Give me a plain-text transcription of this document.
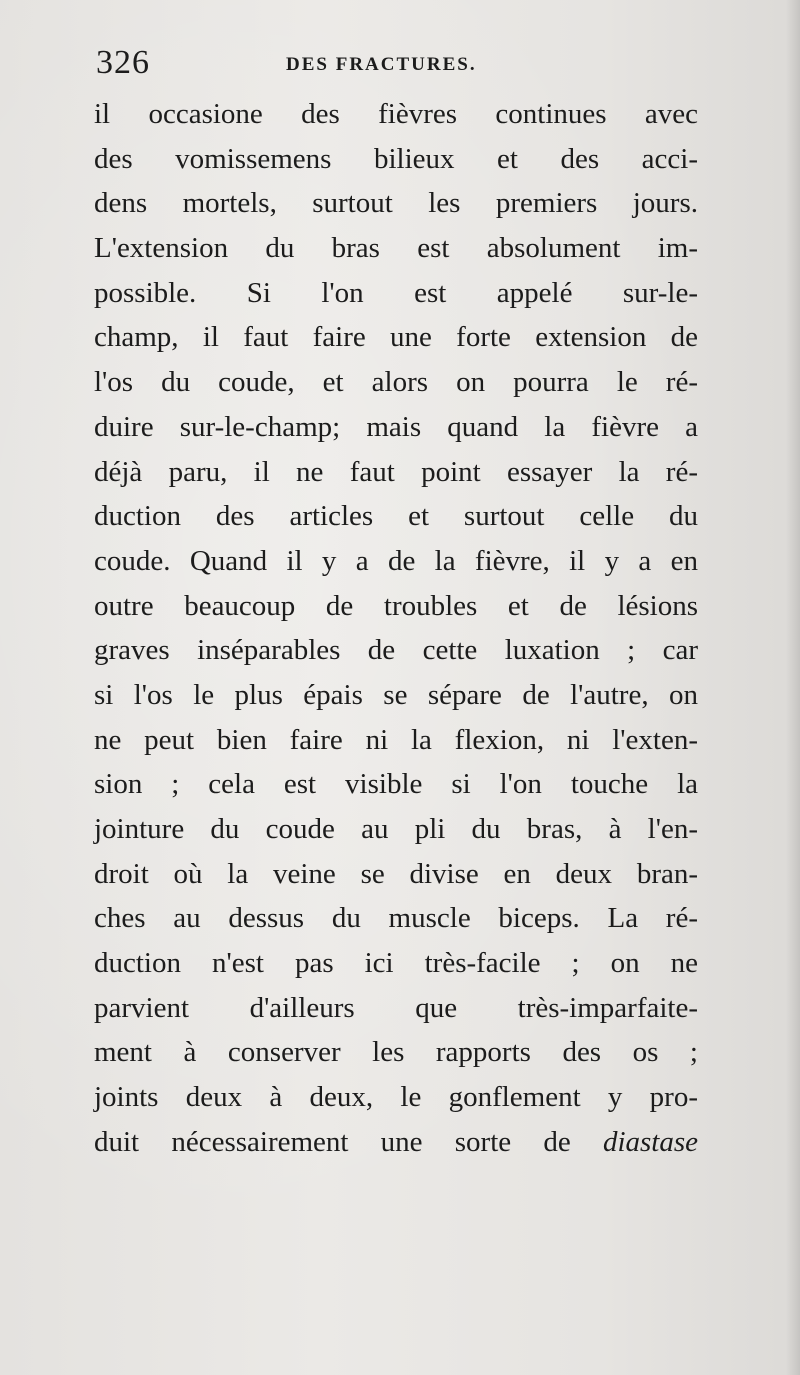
326	DES FRACTURES.
il occasione des fièvres continues avec
des vomissemens bilieux et des acci-
dens mortels, surtout les premiers jours.
L'extension du bras est absolument im-
possible. Si l'on est appelé sur-le-
champ, il faut faire une forte extension de
l'os du coude, et alors on pourra le ré-
duire sur-le-champ; mais quand la fièvre a
déjà paru, il ne faut point essayer la ré-
duction des articles et surtout celle du
coude. Quand il y a de la fièvre, il y a en
outre beaucoup de troubles et de lésions
graves inséparables de cette luxation ; car
si l'os le plus épais se sépare de l'autre, on
ne peut bien faire ni la flexion, ni l'exten-
sion ; cela est visible si l'on touche la
jointure du coude au pli du bras, à l'en-
droit où la veine se divise en deux bran-
ches au dessus du muscle biceps. La ré-
duction n'est pas ici très-facile ; on ne
parvient d'ailleurs que très-imparfaite-
ment à conserver les rapports des os ;
joints deux à deux, le gonflement y pro-
duit nécessairement une sorte de diastase
